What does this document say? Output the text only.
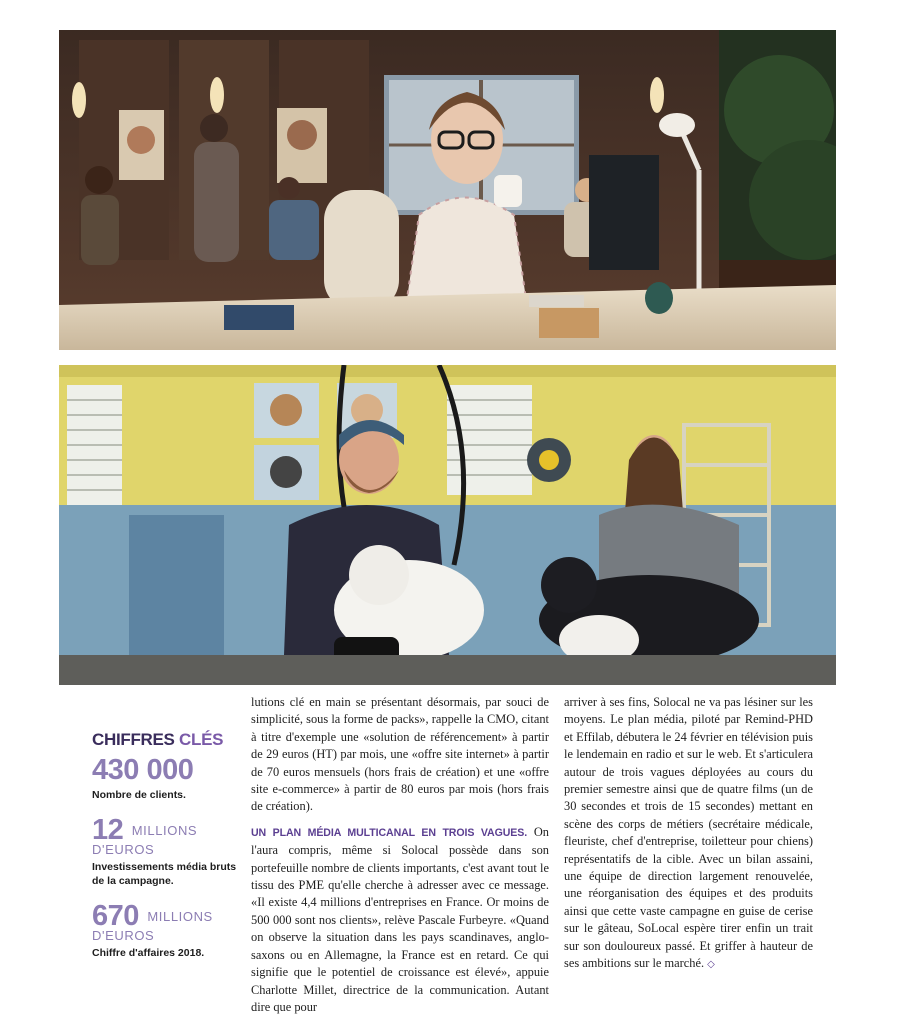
CHIFFRES CLÉS
430 000
Nombre de clients.
12 $^{MILLIONS}$
D'EUROS
Investissements média bruts de la campagne.
670 $^{MILLIONS}$
D'EUROS
Chiffre d'affaires 2018.

lutions clé en main se présentant désormais, par souci de simplicité, sous la forme de packs», rappelle la CMO, citant à titre d'exemple une «solution de référencement» à partir de 29 euros (HT) par mois, une «offre site internet» à partir de 70 euros mensuels (hors frais de création) et une «offre site e-commerce» à partir de 80 euros par mois (hors frais de création).

UN PLAN MÉDIA MULTICANAL EN TROIS VAGUES. On l'aura compris, même si Solocal possède dans son portefeuille nombre de clients importants, c'est avant tout le tissu des PME qu'elle cherche à adresser avec ce message. «Il existe 4,4 millions d'entreprises en France. Or moins de 500 000 sont nos clients», relève Pascale Furbeyre. «Quand on observe la situation dans les pays scandinaves, anglo-saxons ou en Allemagne, la France est en retard. Ce qui signifie que le potentiel de croissance est élevé», appuie Charlotte Millet, directrice de la communication. Autant dire que pour

arriver à ses fins, Solocal ne va pas lésiner sur les moyens. Le plan média, piloté par Remind-PHD et Effilab, débutera le 24 février en télévision puis le lendemain en radio et sur le web. Et s'articulera autour de trois vagues déployées au cours du premier semestre ainsi que de quatre films (un de 30 secondes et trois de 15 secondes) mettant en scène des corps de métiers (secrétaire médicale, fleuriste, chef d'entreprise, toiletteur pour chiens) représentatifs de la cible. Avec un bilan assaini, une équipe de direction largement renouvelée, une réorganisation des équipes et des produits ainsi que cette vaste campagne en guise de cerise sur le gâteau, SoLocal espère tirer enfin un trait sur son douloureux passé. Et griffer à hauteur de ses ambitions sur le marché. ◇
